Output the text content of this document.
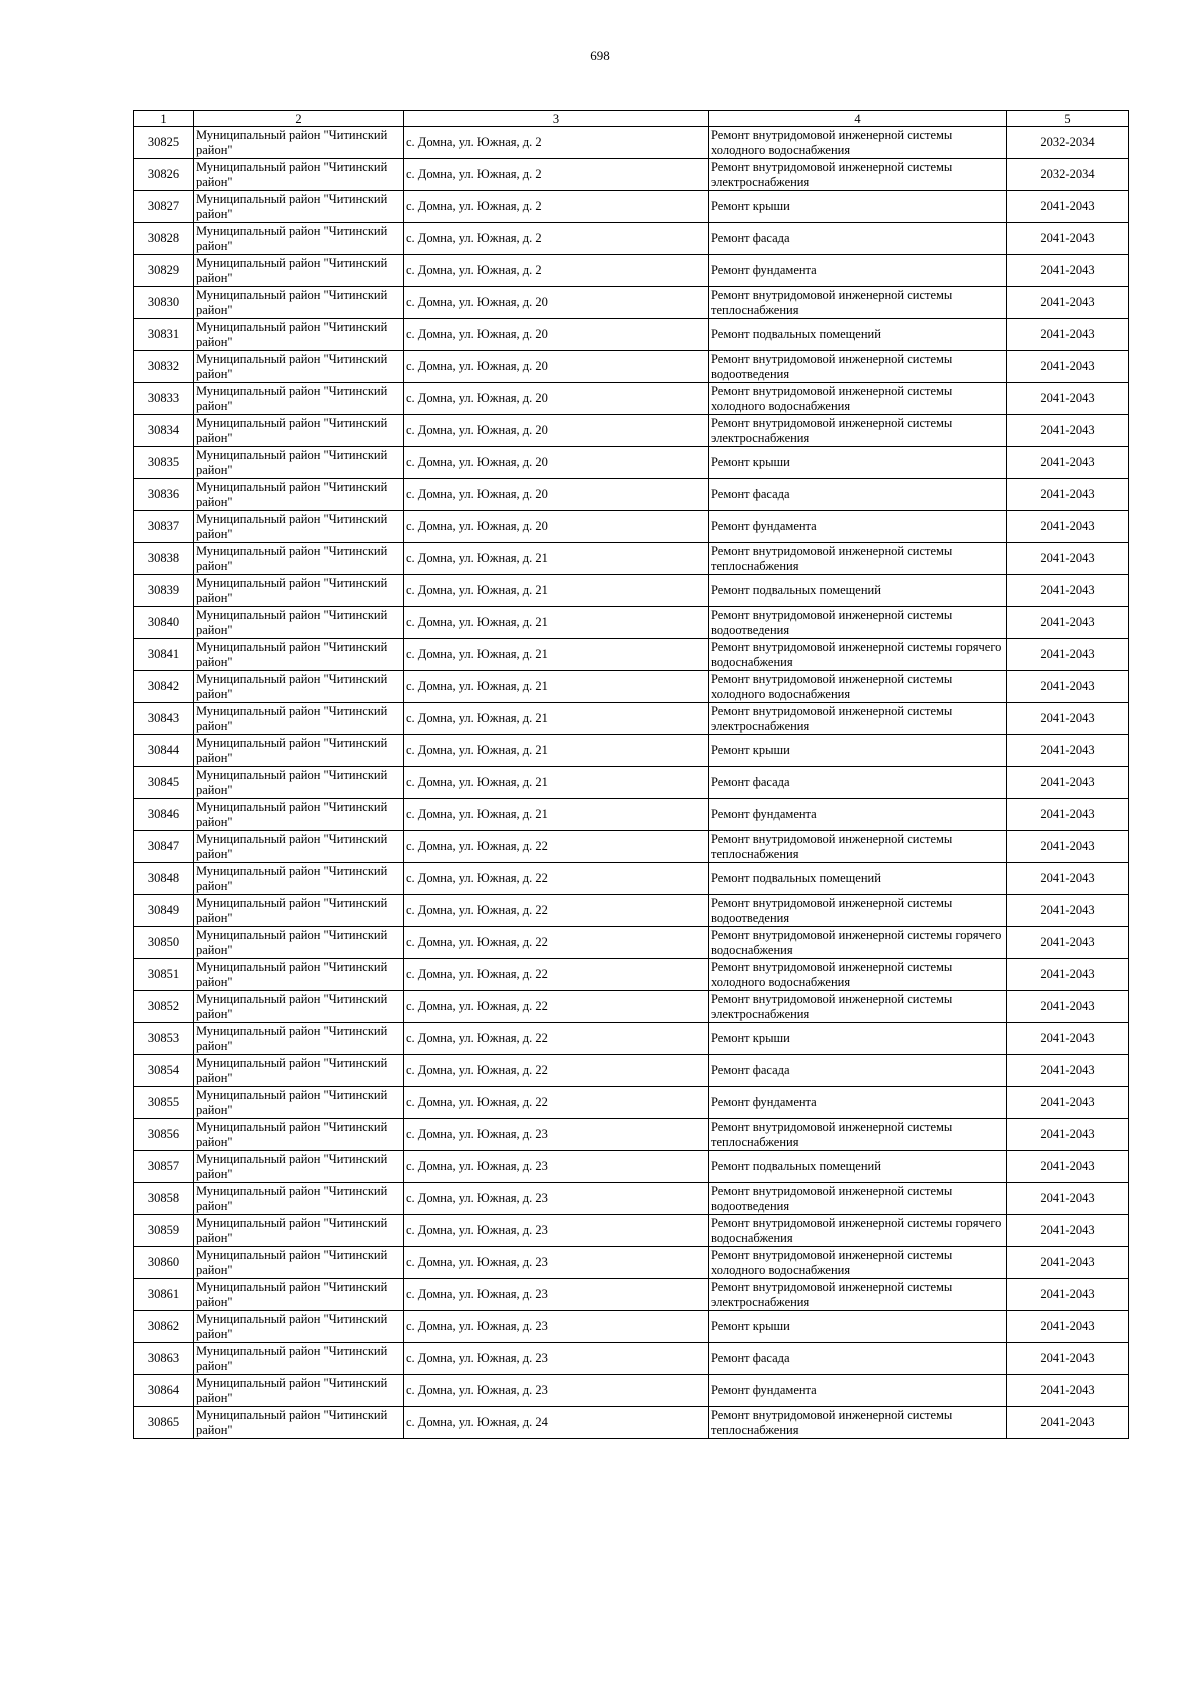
698
1	2	3	4	5
30825	Муниципальный район "Читинский район"	с. Домна, ул. Южная, д. 2	Ремонт внутридомовой инженерной системы холодного водоснабжения	2032-2034
30826	Муниципальный район "Читинский район"	с. Домна, ул. Южная, д. 2	Ремонт внутридомовой инженерной системы электроснабжения	2032-2034
30827	Муниципальный район "Читинский район"	с. Домна, ул. Южная, д. 2	Ремонт крыши	2041-2043
30828	Муниципальный район "Читинский район"	с. Домна, ул. Южная, д. 2	Ремонт фасада	2041-2043
30829	Муниципальный район "Читинский район"	с. Домна, ул. Южная, д. 2	Ремонт фундамента	2041-2043
30830	Муниципальный район "Читинский район"	с. Домна, ул. Южная, д. 20	Ремонт внутридомовой инженерной системы теплоснабжения	2041-2043
30831	Муниципальный район "Читинский район"	с. Домна, ул. Южная, д. 20	Ремонт подвальных помещений	2041-2043
30832	Муниципальный район "Читинский район"	с. Домна, ул. Южная, д. 20	Ремонт внутридомовой инженерной системы водоотведения	2041-2043
30833	Муниципальный район "Читинский район"	с. Домна, ул. Южная, д. 20	Ремонт внутридомовой инженерной системы холодного водоснабжения	2041-2043
30834	Муниципальный район "Читинский район"	с. Домна, ул. Южная, д. 20	Ремонт внутридомовой инженерной системы электроснабжения	2041-2043
30835	Муниципальный район "Читинский район"	с. Домна, ул. Южная, д. 20	Ремонт крыши	2041-2043
30836	Муниципальный район "Читинский район"	с. Домна, ул. Южная, д. 20	Ремонт фасада	2041-2043
30837	Муниципальный район "Читинский район"	с. Домна, ул. Южная, д. 20	Ремонт фундамента	2041-2043
30838	Муниципальный район "Читинский район"	с. Домна, ул. Южная, д. 21	Ремонт внутридомовой инженерной системы теплоснабжения	2041-2043
30839	Муниципальный район "Читинский район"	с. Домна, ул. Южная, д. 21	Ремонт подвальных помещений	2041-2043
30840	Муниципальный район "Читинский район"	с. Домна, ул. Южная, д. 21	Ремонт внутридомовой инженерной системы водоотведения	2041-2043
30841	Муниципальный район "Читинский район"	с. Домна, ул. Южная, д. 21	Ремонт внутридомовой инженерной системы горячего водоснабжения	2041-2043
30842	Муниципальный район "Читинский район"	с. Домна, ул. Южная, д. 21	Ремонт внутридомовой инженерной системы холодного водоснабжения	2041-2043
30843	Муниципальный район "Читинский район"	с. Домна, ул. Южная, д. 21	Ремонт внутридомовой инженерной системы электроснабжения	2041-2043
30844	Муниципальный район "Читинский район"	с. Домна, ул. Южная, д. 21	Ремонт крыши	2041-2043
30845	Муниципальный район "Читинский район"	с. Домна, ул. Южная, д. 21	Ремонт фасада	2041-2043
30846	Муниципальный район "Читинский район"	с. Домна, ул. Южная, д. 21	Ремонт фундамента	2041-2043
30847	Муниципальный район "Читинский район"	с. Домна, ул. Южная, д. 22	Ремонт внутридомовой инженерной системы теплоснабжения	2041-2043
30848	Муниципальный район "Читинский район"	с. Домна, ул. Южная, д. 22	Ремонт подвальных помещений	2041-2043
30849	Муниципальный район "Читинский район"	с. Домна, ул. Южная, д. 22	Ремонт внутридомовой инженерной системы водоотведения	2041-2043
30850	Муниципальный район "Читинский район"	с. Домна, ул. Южная, д. 22	Ремонт внутридомовой инженерной системы горячего водоснабжения	2041-2043
30851	Муниципальный район "Читинский район"	с. Домна, ул. Южная, д. 22	Ремонт внутридомовой инженерной системы холодного водоснабжения	2041-2043
30852	Муниципальный район "Читинский район"	с. Домна, ул. Южная, д. 22	Ремонт внутридомовой инженерной системы электроснабжения	2041-2043
30853	Муниципальный район "Читинский район"	с. Домна, ул. Южная, д. 22	Ремонт крыши	2041-2043
30854	Муниципальный район "Читинский район"	с. Домна, ул. Южная, д. 22	Ремонт фасада	2041-2043
30855	Муниципальный район "Читинский район"	с. Домна, ул. Южная, д. 22	Ремонт фундамента	2041-2043
30856	Муниципальный район "Читинский район"	с. Домна, ул. Южная, д. 23	Ремонт внутридомовой инженерной системы теплоснабжения	2041-2043
30857	Муниципальный район "Читинский район"	с. Домна, ул. Южная, д. 23	Ремонт подвальных помещений	2041-2043
30858	Муниципальный район "Читинский район"	с. Домна, ул. Южная, д. 23	Ремонт внутридомовой инженерной системы водоотведения	2041-2043
30859	Муниципальный район "Читинский район"	с. Домна, ул. Южная, д. 23	Ремонт внутридомовой инженерной системы горячего водоснабжения	2041-2043
30860	Муниципальный район "Читинский район"	с. Домна, ул. Южная, д. 23	Ремонт внутридомовой инженерной системы холодного водоснабжения	2041-2043
30861	Муниципальный район "Читинский район"	с. Домна, ул. Южная, д. 23	Ремонт внутридомовой инженерной системы электроснабжения	2041-2043
30862	Муниципальный район "Читинский район"	с. Домна, ул. Южная, д. 23	Ремонт крыши	2041-2043
30863	Муниципальный район "Читинский район"	с. Домна, ул. Южная, д. 23	Ремонт фасада	2041-2043
30864	Муниципальный район "Читинский район"	с. Домна, ул. Южная, д. 23	Ремонт фундамента	2041-2043
30865	Муниципальный район "Читинский район"	с. Домна, ул. Южная, д. 24	Ремонт внутридомовой инженерной системы теплоснабжения	2041-2043
